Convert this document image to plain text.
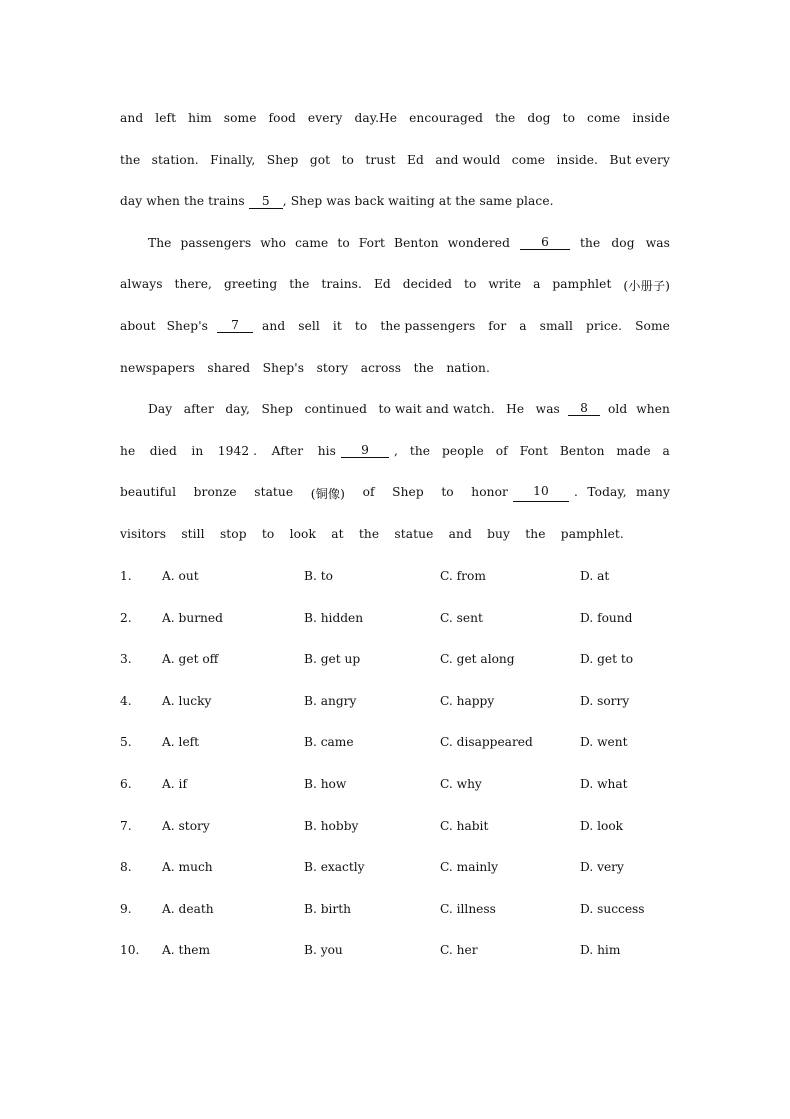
and left him some food every day.He encouraged the dog to come inside
the station. Finally, Shep got to trust Ed and would come inside. But every
day when the trains 5 , Shep was back waiting at the same place.
The passengers who came to Fort Benton wondered	6	the dog was
always there, greeting the trains. Ed decided to write a pamphlet (小册子)
about Shep's	7	and sell it to the passengers for a small price. Some
newspapers shared Shep's story across the nation.
Day after day, Shep continued to wait and watch. He was	8	old when
he died in 1942 . After his	9	, the people of Font Benton made a
beautiful bronze statue (铜像) of Shep to honor	10	. Today, many
visitors still stop to look at the statue and buy the pamphlet.
1. A. out	B. to	C. from	D. at
2. A. burned	B. hidden	C. sent	D. found
3. A. get off	B. get up	C. get along	D. get to
4. A. lucky	B. angry	C. happy	D. sorry
5. A. left	B. came	C. disappeared	D. went
6. A. if	B. how	C. why	D. what
7. A. story	B. hobby	C. habit	D. look
8. A. much	B. exactly	C. mainly	D. very
9. A. death	B. birth	C. illness	D. success
10. A. them	B. you	C. her	D. him
